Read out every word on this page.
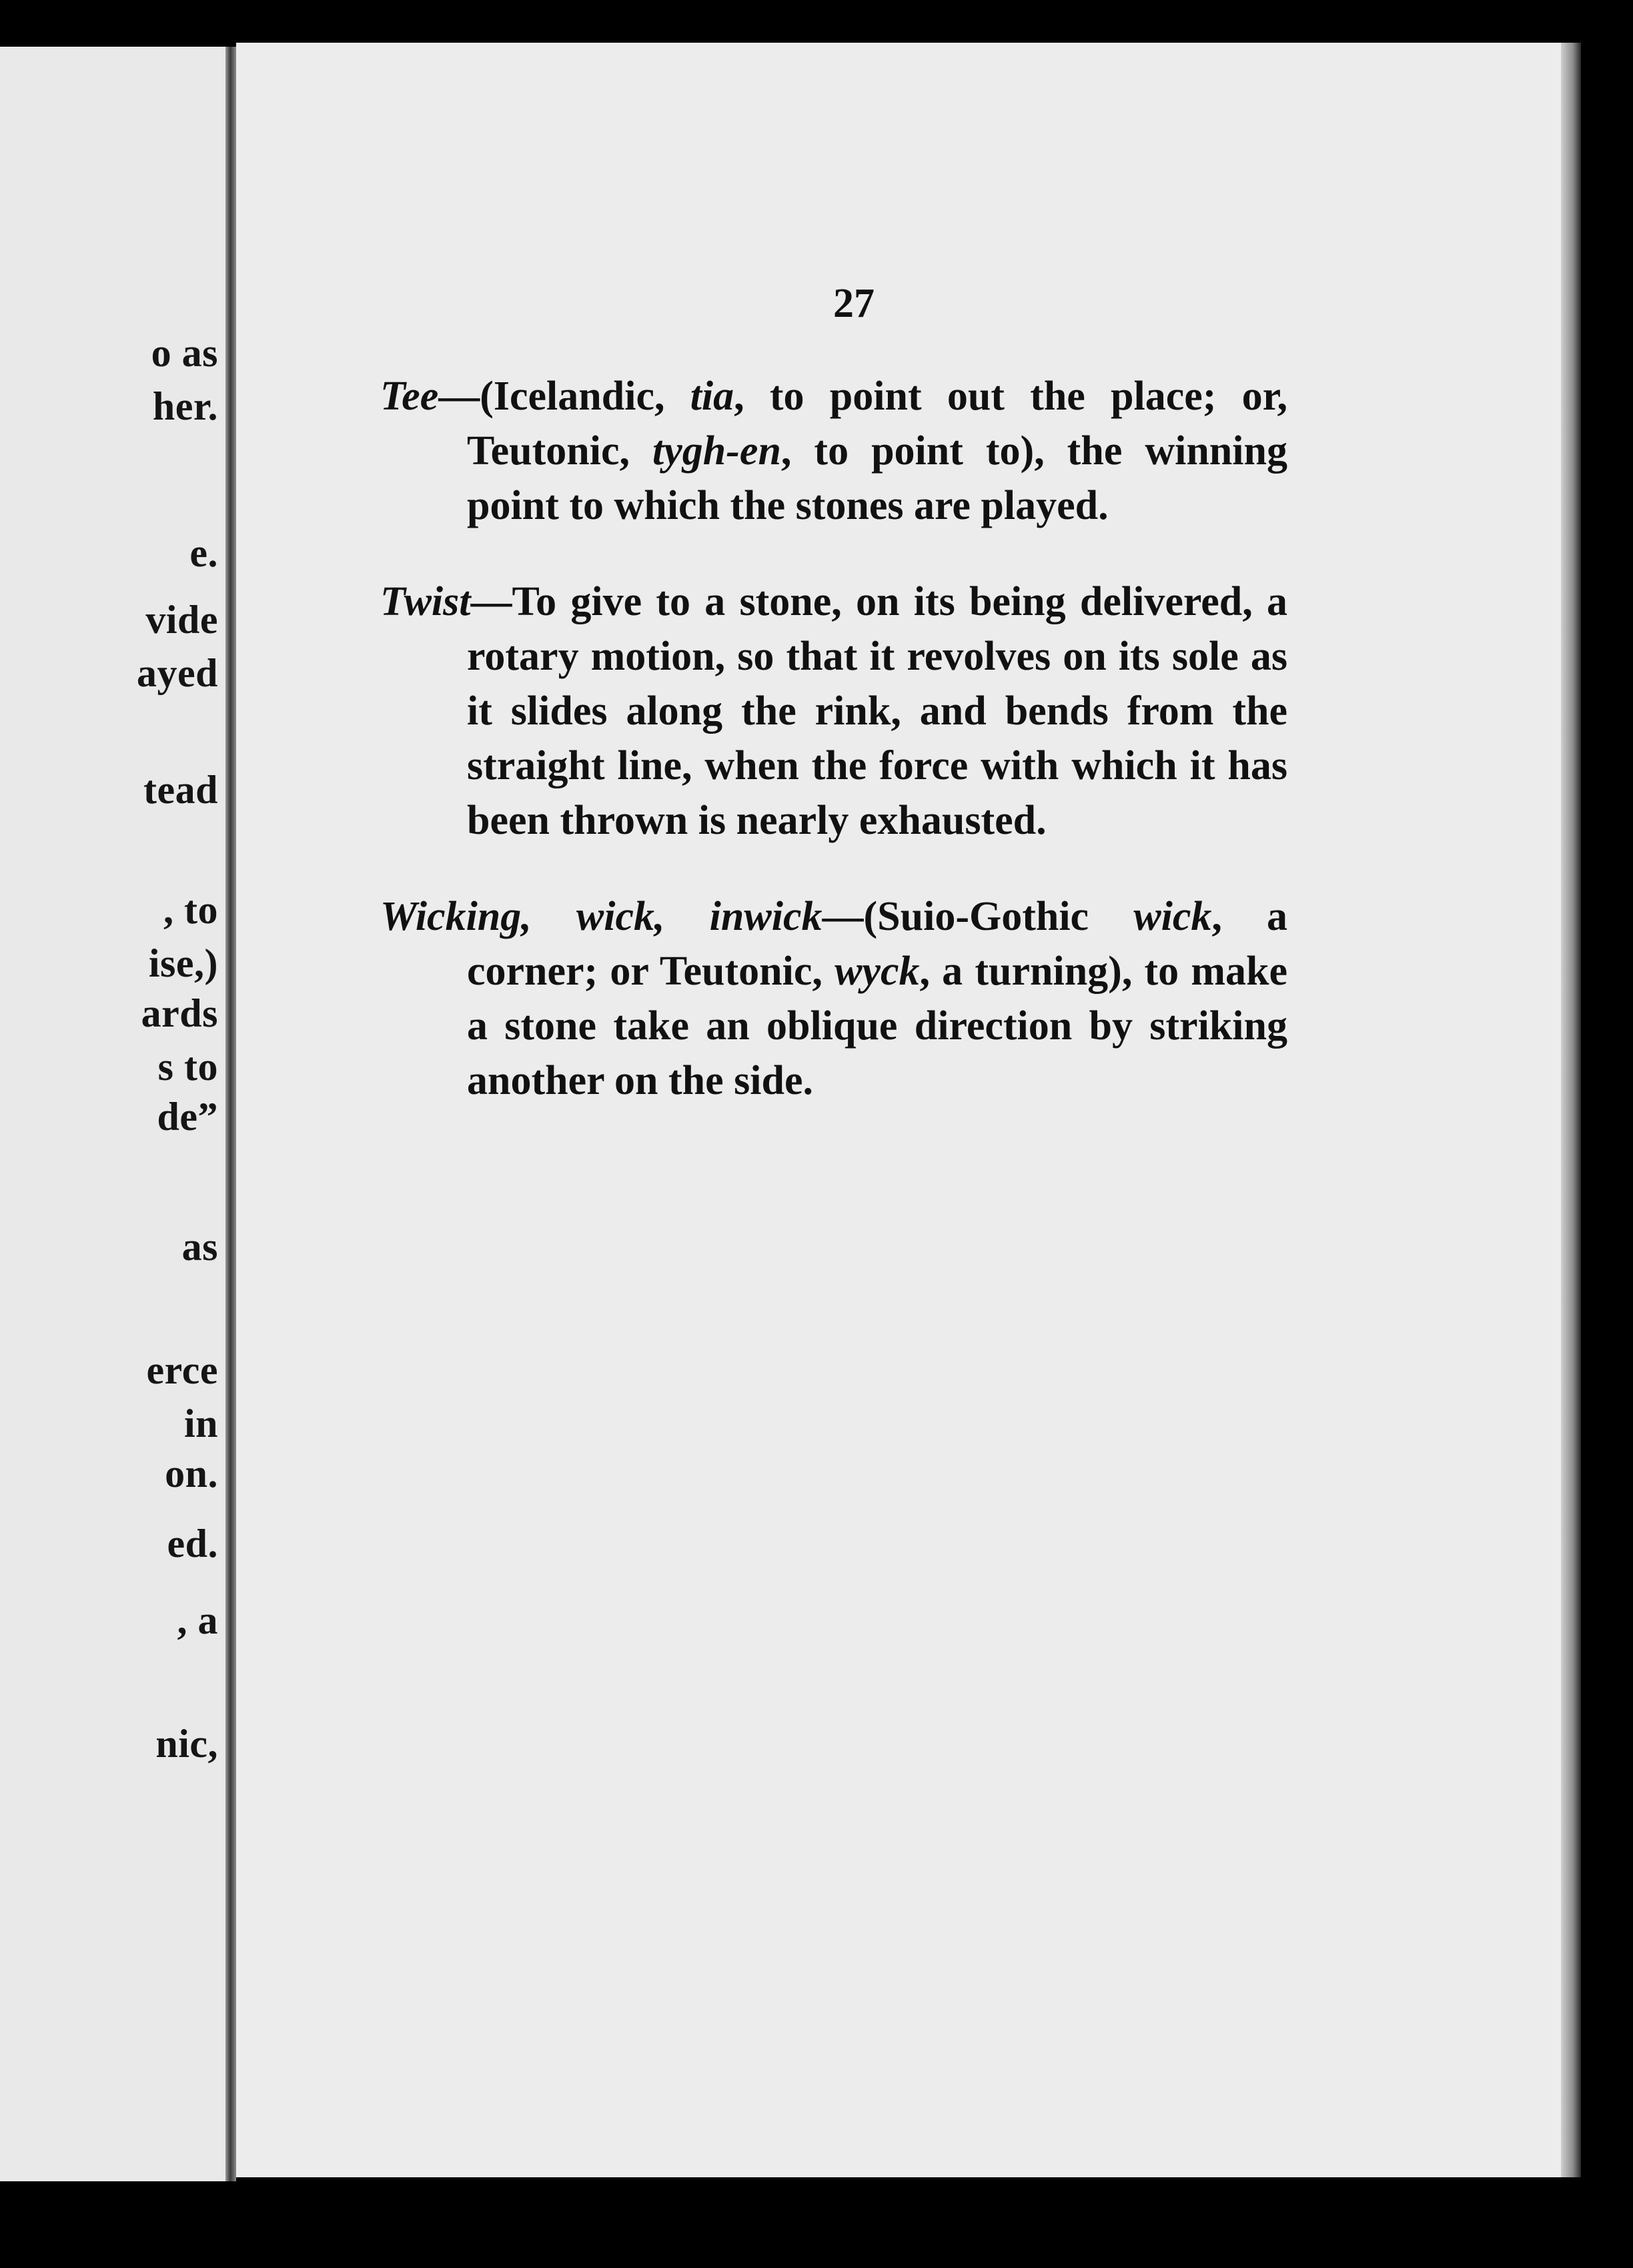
o as
her.
e.
vide
ayed
tead
, to
ise,)
ards
s to
de”
as
erce
in
on.
ed.
, a
nic,
27

Tee—(Icelandic, tia, to point out the place; or, Teutonic, tygh-en, to point to), the winning point to which the stones are played.

Twist—To give to a stone, on its being delivered, a rotary motion, so that it revolves on its sole as it slides along the rink, and bends from the straight line, when the force with which it has been thrown is nearly exhausted.

Wicking, wick, inwick—(Suio-Gothic wick, a corner; or Teutonic, wyck, a turning), to make a stone take an oblique direction by striking another on the side.
